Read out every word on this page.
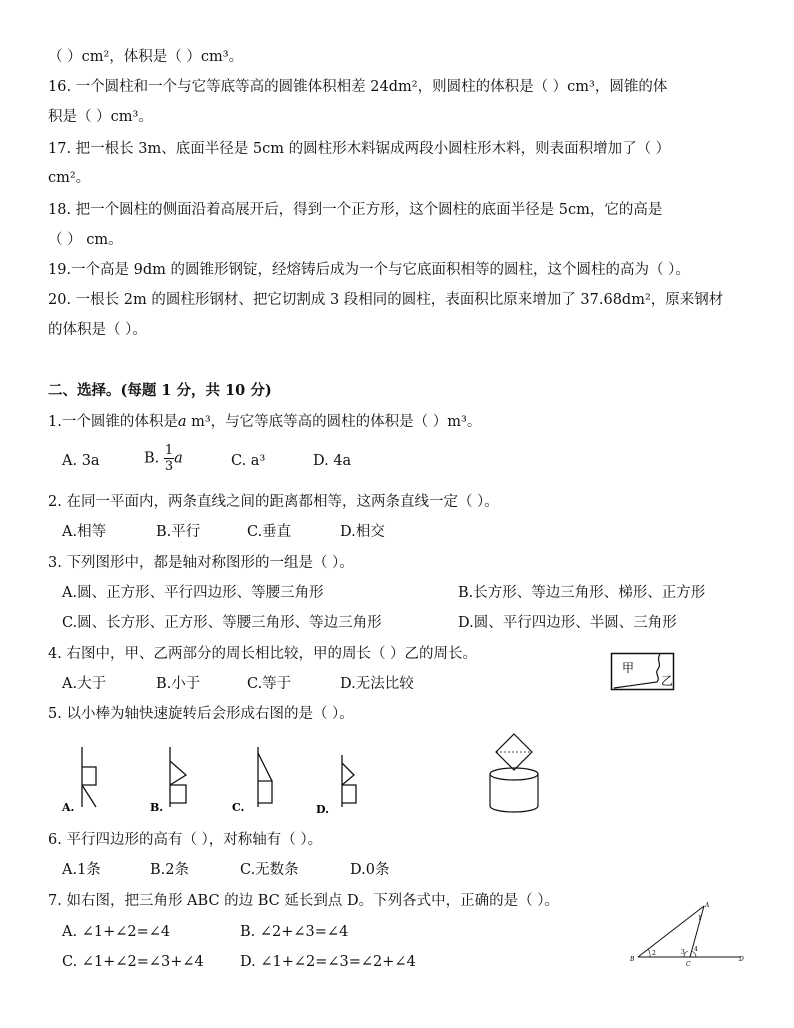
（ ）cm²，体积是（ ）cm³。
16. 一个圆柱和一个与它等底等高的圆锥体积相差 24dm²，则圆柱的体积是（ ）cm³，圆锥的体
积是（ ）cm³。
17. 把一根长 3m、底面半径是 5cm 的圆柱形木料锯成两段小圆柱形木料，则表面积增加了（ ）
cm²。
18. 把一个圆柱的侧面沿着高展开后，得到一个正方形，这个圆柱的底面半径是 5cm，它的高是
（ ） cm。
19.一个高是 9dm 的圆锥形钢锭，经熔铸后成为一个与它底面积相等的圆柱，这个圆柱的高为（ ）。
20. 一根长 2m 的圆柱形钢材、把它切割成 3 段相同的圆柱，表面积比原来增加了 37.68dm²，原来钢材
的体积是（ ）。
二、选择。(每题 1 分，共 10 分)
1.一个圆锥的体积是a m³，与它等底等高的圆柱的体积是（ ）m³。
A. 3a	B. $\frac{1}{3}$ a	C. a³	D. 4a
2. 在同一平面内，两条直线之间的距离都相等，这两条直线一定（ ）。
A.相等	B.平行	C.垂直	D.相交
3. 下列图形中，都是轴对称图形的一组是（ ）。
A.圆、正方形、平行四边形、等腰三角形	B.长方形、等边三角形、梯形、正方形
C.圆、长方形、正方形、等腰三角形、等边三角形	D.圆、平行四边形、半圆、三角形
4. 右图中，甲、乙两部分的周长相比较，甲的周长（ ）乙的周长。
A.大于	B.小于	C.等于	D.无法比较
甲
乙
5. 以小棒为轴快速旋转后会形成右图的是（ ）。
A.	B.	C.	D.
6. 平行四边形的高有（ ），对称轴有（ ）。
A.1条	B.2条	C.无数条	D.0条
7. 如右图，把三角形 ABC 的边 BC 延长到点 D。下列各式中，正确的是（ ）。
A. ∠1+∠2=∠4	B. ∠2+∠3=∠4
C. ∠1+∠2=∠3+∠4	D. ∠1+∠2=∠3=∠2+∠4
A
B
C
D
1
2	3 4
